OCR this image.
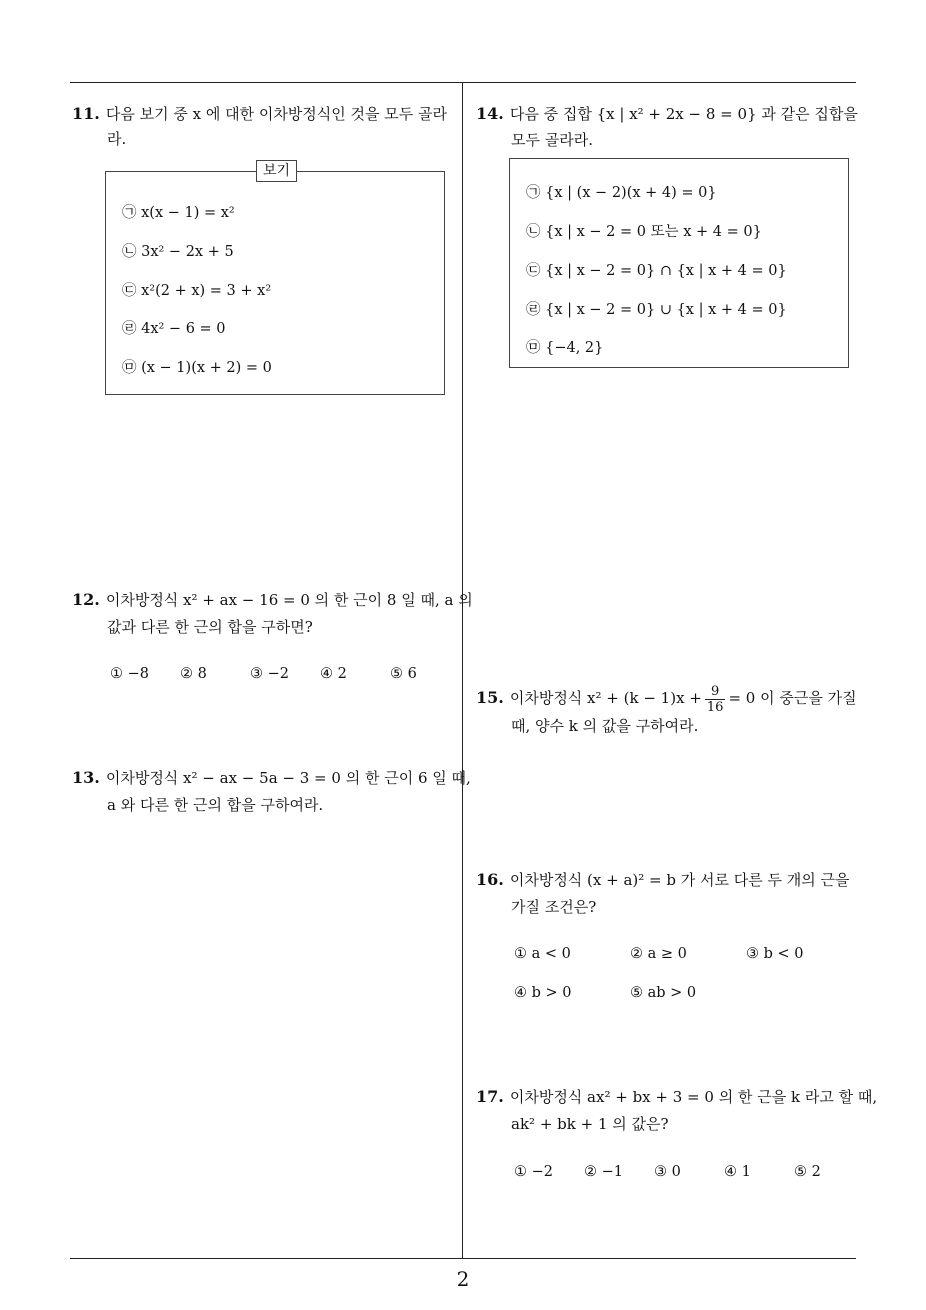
11. 다음 보기 중 x 에 대한 이차방정식인 것을 모두 골라
라.
보기
㉠ x(x − 1) = x²
㉡ 3x² − 2x + 5
㉢ x²(2 + x) = 3 + x²
㉣ 4x² − 6 = 0
㉤ (x − 1)(x + 2) = 0
12. 이차방정식 x² + ax − 16 = 0 의 한 근이 8 일 때, a 의
값과 다른 한 근의 합을 구하면?
① −8 ② 8	③ −2 ④ 2	⑤ 6
13. 이차방정식 x² − ax − 5a − 3 = 0 의 한 근이 6 일 때,
a 와 다른 한 근의 합을 구하여라.
14. 다음 중 집합 {x | x² + 2x − 8 = 0} 과 같은 집합을
모두 골라라.
㉠ {x | (x − 2)(x + 4) = 0}
㉡ {x | x − 2 = 0 또는 x + 4 = 0}
㉢ {x | x − 2 = 0} ∩ {x | x + 4 = 0}
㉣ {x | x − 2 = 0} ∪ {x | x + 4 = 0}
㉤ {−4, 2}
15. 이차방정식 $x^2 + (k - 1)x + \frac{9}{16} = 0$ 이 중근을 가질
때, 양수 k 의 값을 구하여라.
16. 이차방정식 (x + a)² = b 가 서로 다른 두 개의 근을
가질 조건은?
① a < 0	② a ≥ 0	③ b < 0
④ b > 0	⑤ ab > 0
17. 이차방정식 ax² + bx + 3 = 0 의 한 근을 k 라고 할 때,
ak² + bk + 1 의 값은?
① −2 ② −1 ③ 0	④ 1	⑤ 2
2
